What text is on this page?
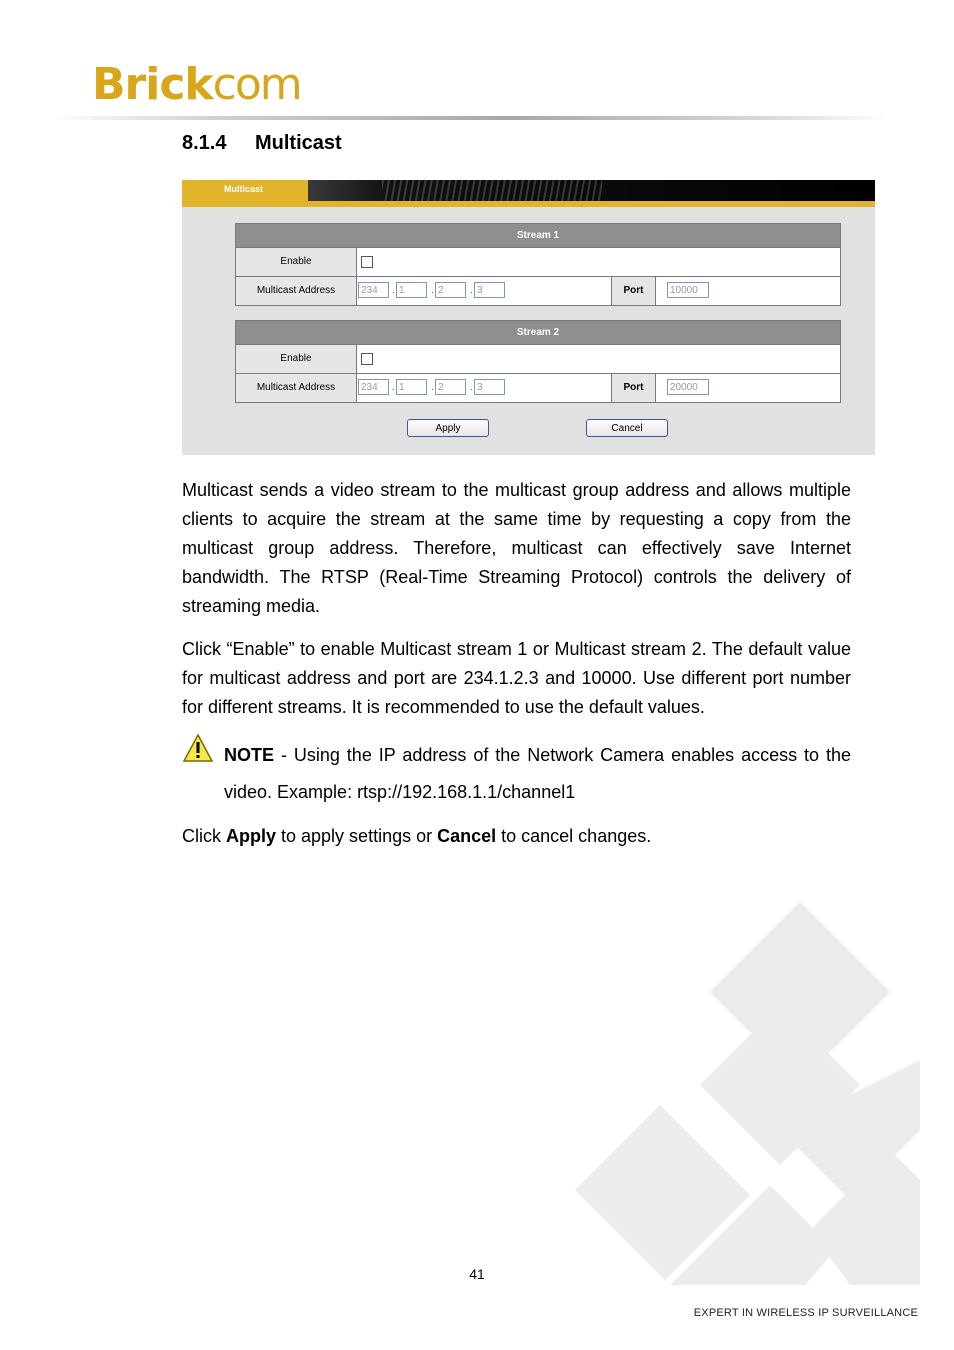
Brickcom
8.1.4 Multicast
Multicast
Stream 1
Enable
Multicast Address	234	. 1	. 2	. 3	Port	10000
Stream 2
Enable
Multicast Address	234	. 1	. 2	. 3	Port	20000
Apply	Cancel

Multicast sends a video stream to the multicast group address and allows multiple clients to acquire the stream at the same time by requesting a copy from the multicast group address. Therefore, multicast can effectively save Internet bandwidth. The RTSP (Real-Time Streaming Protocol) controls the delivery of streaming media.

Click “Enable” to enable Multicast stream 1 or Multicast stream 2. The default value for multicast address and port are 234.1.2.3 and 10000. Use different port number for different streams. It is recommended to use the default values.

NOTE - Using the IP address of the Network Camera enables access to the video. Example: rtsp://192.168.1.1/channel1

Click Apply to apply settings or Cancel to cancel changes.

41
EXPERT IN WIRELESS IP SURVEILLANCE
